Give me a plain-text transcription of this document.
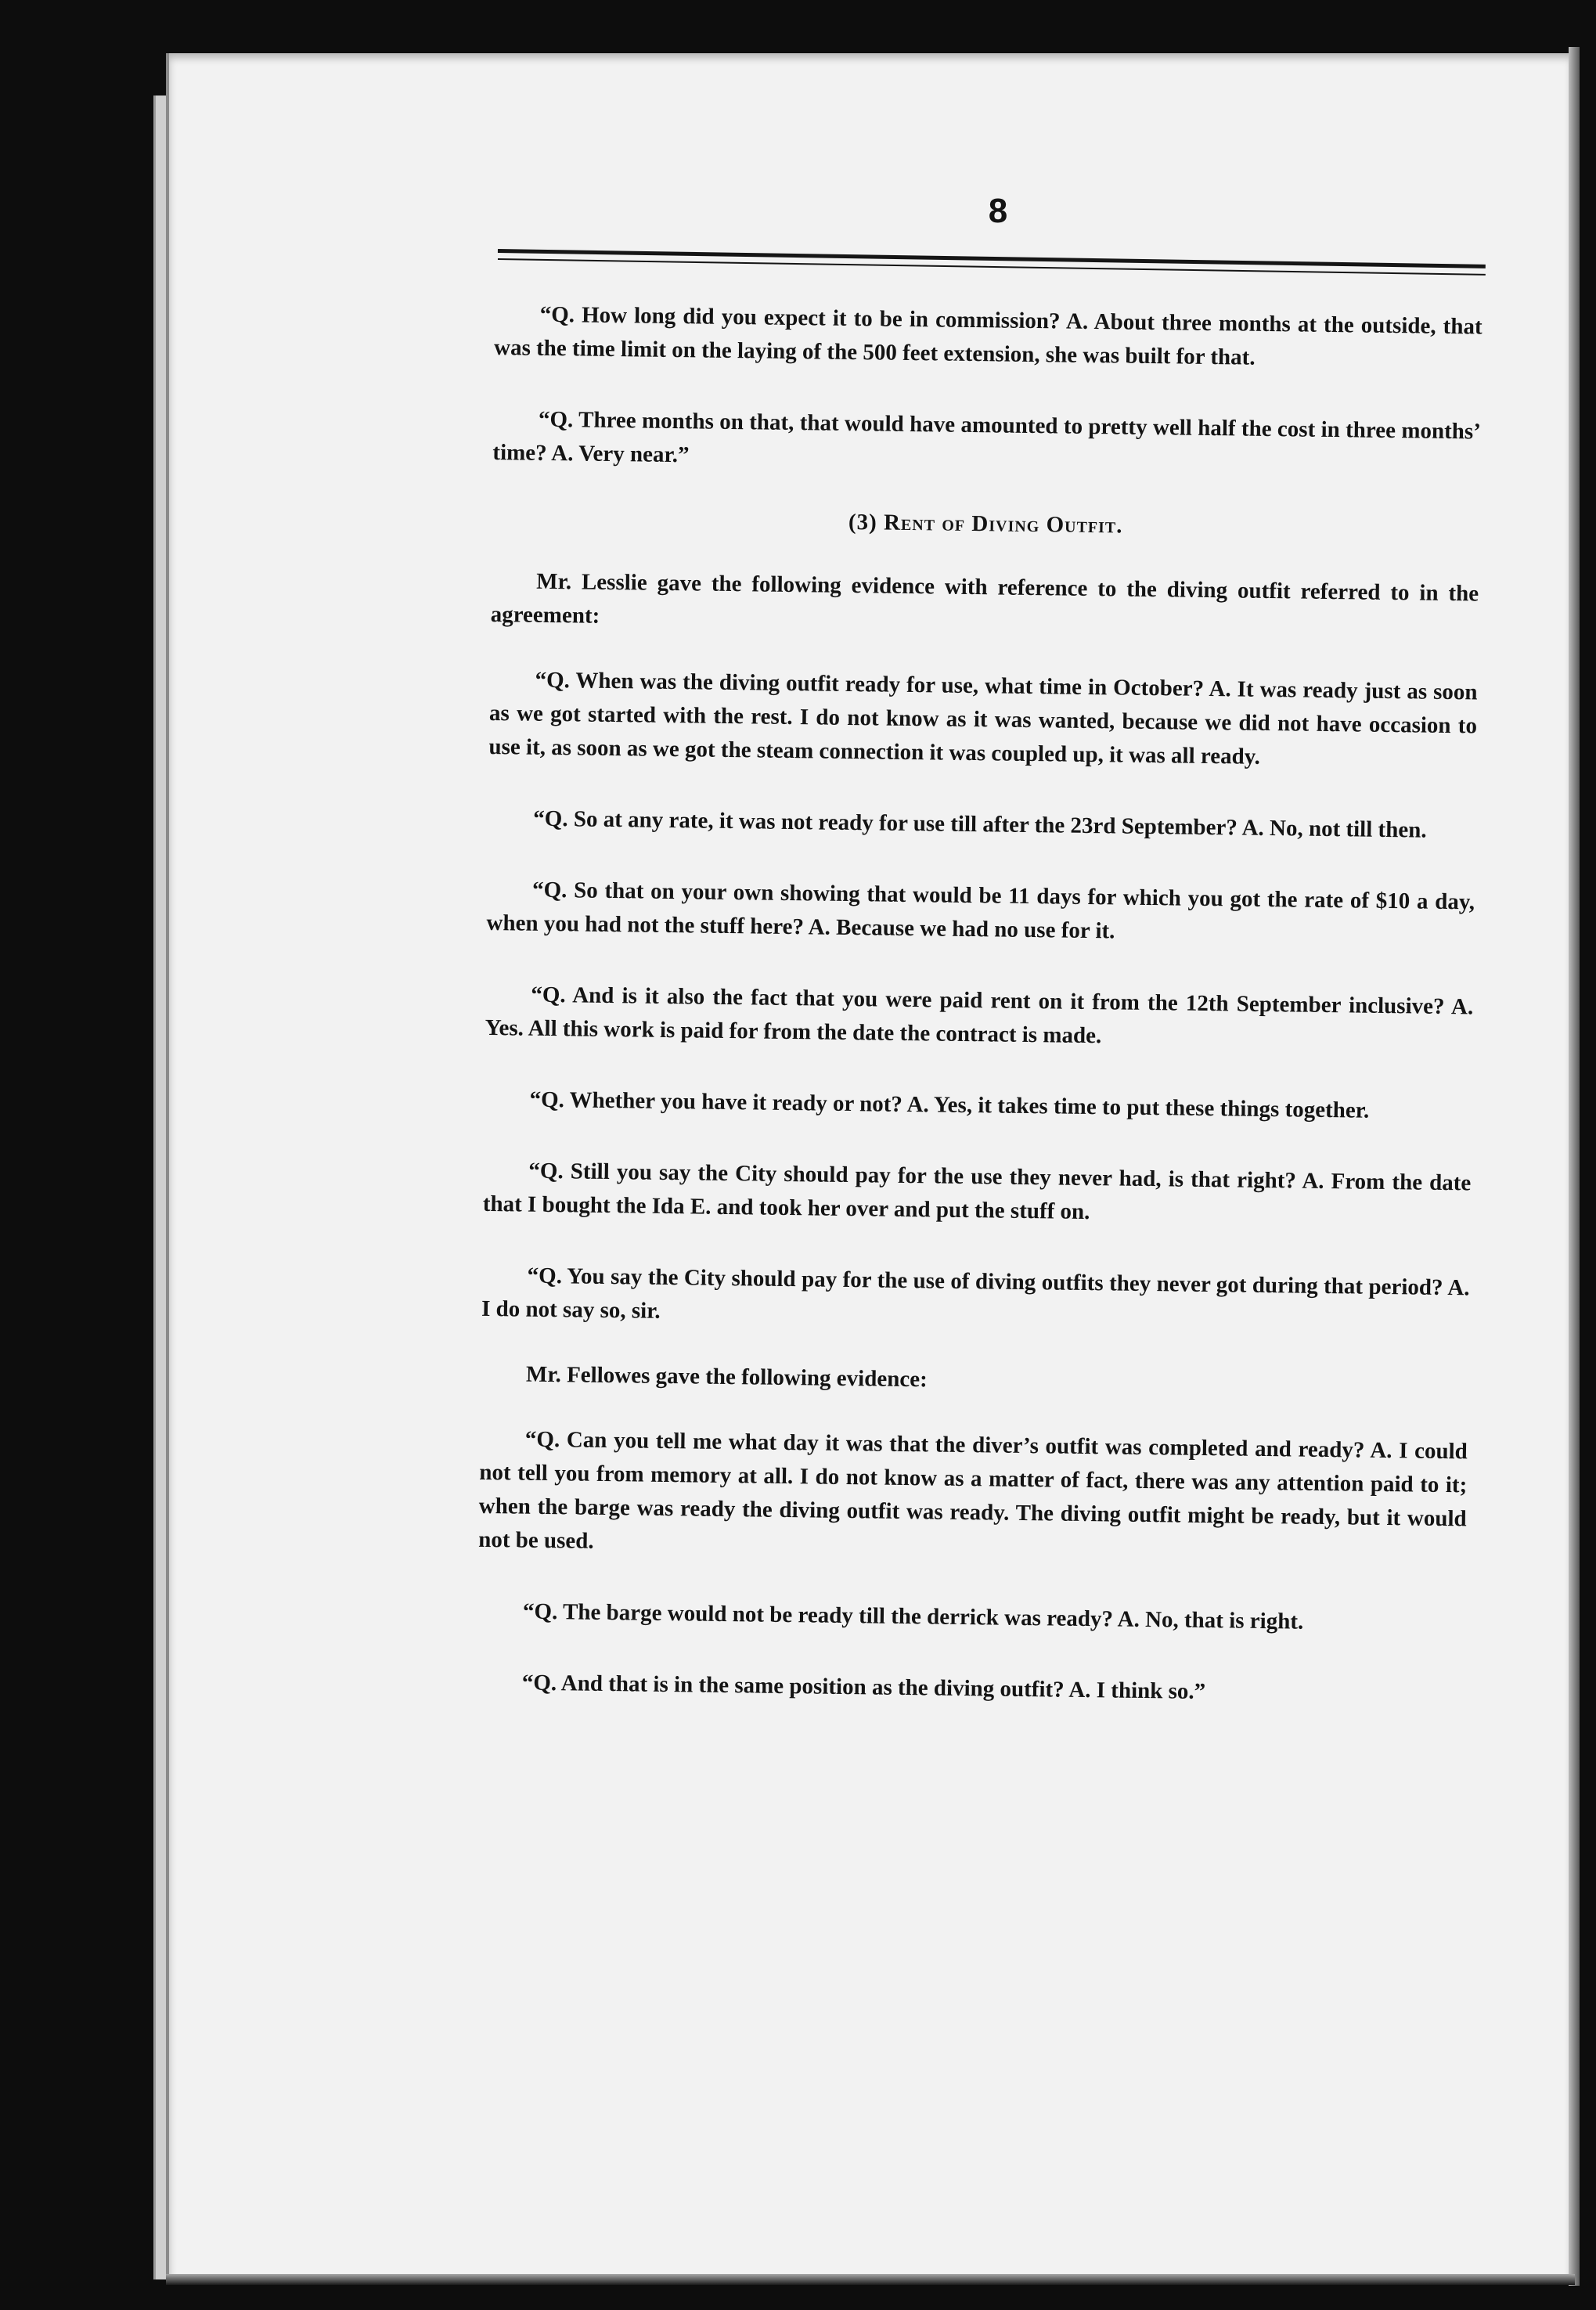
8

“Q. How long did you expect it to be in commission? A. About three months at the outside, that was the time limit on the laying of the 500 feet extension, she was built for that.

“Q. Three months on that, that would have amounted to pretty well half the cost in three months’ time? A. Very near.”

(3) Rent of Diving Outfit.

Mr. Lesslie gave the following evidence with reference to the diving outfit referred to in the agreement:

“Q. When was the diving outfit ready for use, what time in October? A. It was ready just as soon as we got started with the rest. I do not know as it was wanted, because we did not have occasion to use it, as soon as we got the steam connection it was coupled up, it was all ready.

“Q. So at any rate, it was not ready for use till after the 23rd September? A. No, not till then.

“Q. So that on your own showing that would be 11 days for which you got the rate of $10 a day, when you had not the stuff here? A. Because we had no use for it.

“Q. And is it also the fact that you were paid rent on it from the 12th September inclusive? A. Yes. All this work is paid for from the date the contract is made.

“Q. Whether you have it ready or not? A. Yes, it takes time to put these things together.

“Q. Still you say the City should pay for the use they never had, is that right? A. From the date that I bought the Ida E. and took her over and put the stuff on.

“Q. You say the City should pay for the use of diving outfits they never got during that period? A. I do not say so, sir.

Mr. Fellowes gave the following evidence:

“Q. Can you tell me what day it was that the diver’s outfit was completed and ready? A. I could not tell you from memory at all. I do not know as a matter of fact, there was any attention paid to it; when the barge was ready the diving outfit was ready. The diving outfit might be ready, but it would not be used.

“Q. The barge would not be ready till the derrick was ready? A. No, that is right.

“Q. And that is in the same position as the diving outfit? A. I think so.”
